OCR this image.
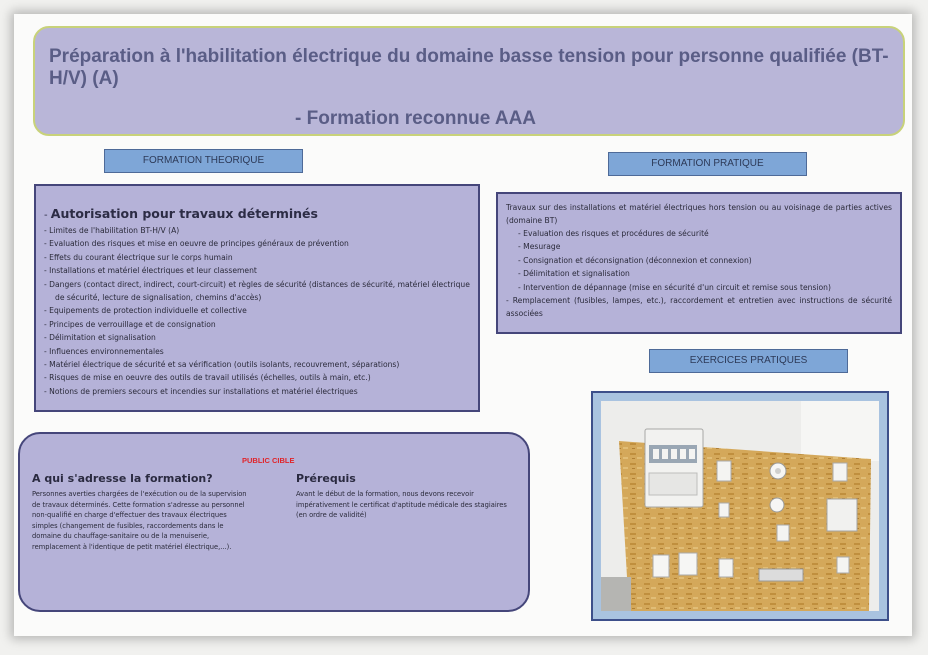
Préparation à l'habilitation électrique du domaine basse tension pour personne qualifiée (BT-H/V) (A)
- Formation reconnue AAA
FORMATION THEORIQUE	FORMATION PRATIQUE
EXERCICES PRATIQUES
- Autorisation pour travaux déterminés
- Limites de l'habilitation BT-H/V (A)
- Evaluation des risques et mise en oeuvre de principes généraux de prévention
- Effets du courant électrique sur le corps humain
- Installations et matériel électriques et leur classement
- Dangers (contact direct, indirect, court-circuit) et règles de sécurité (distances de sécurité, matériel électrique de sécurité, lecture de signalisation, chemins d'accès)
- Equipements de protection individuelle et collective
- Principes de verrouillage et de consignation
- Délimitation et signalisation
- Influences environnementales
- Matériel électrique de sécurité et sa vérification (outils isolants, recouvrement, séparations)
- Risques de mise en oeuvre des outils de travail utilisés (échelles, outils à main, etc.)
- Notions de premiers secours et incendies sur installations et matériel électriques
Travaux sur des installations et matériel électriques hors tension ou au voisinage de parties actives (domaine BT)
- Evaluation des risques et procédures de sécurité
- Mesurage
- Consignation et déconsignation (déconnexion et connexion)
- Délimitation et signalisation
- Intervention de dépannage (mise en sécurité d'un circuit et remise sous tension)
- Remplacement (fusibles, lampes, etc.), raccordement et entretien avec instructions de sécurité associées
PUBLIC CIBLE
A qui s'adresse la formation?

Personnes averties chargées de l'exécution ou de la supervision de travaux déterminés. Cette formation s'adresse au personnel non-qualifié en charge d'effectuer des travaux électriques simples (changement de fusibles, raccordements dans le domaine du chauffage-sanitaire ou de la menuiserie, remplacement à l'identique de petit matériel électrique,...).

Prérequis

Avant le début de la formation, nous devons recevoir impérativement le certificat d'aptitude médicale des stagiaires (en ordre de validité)
